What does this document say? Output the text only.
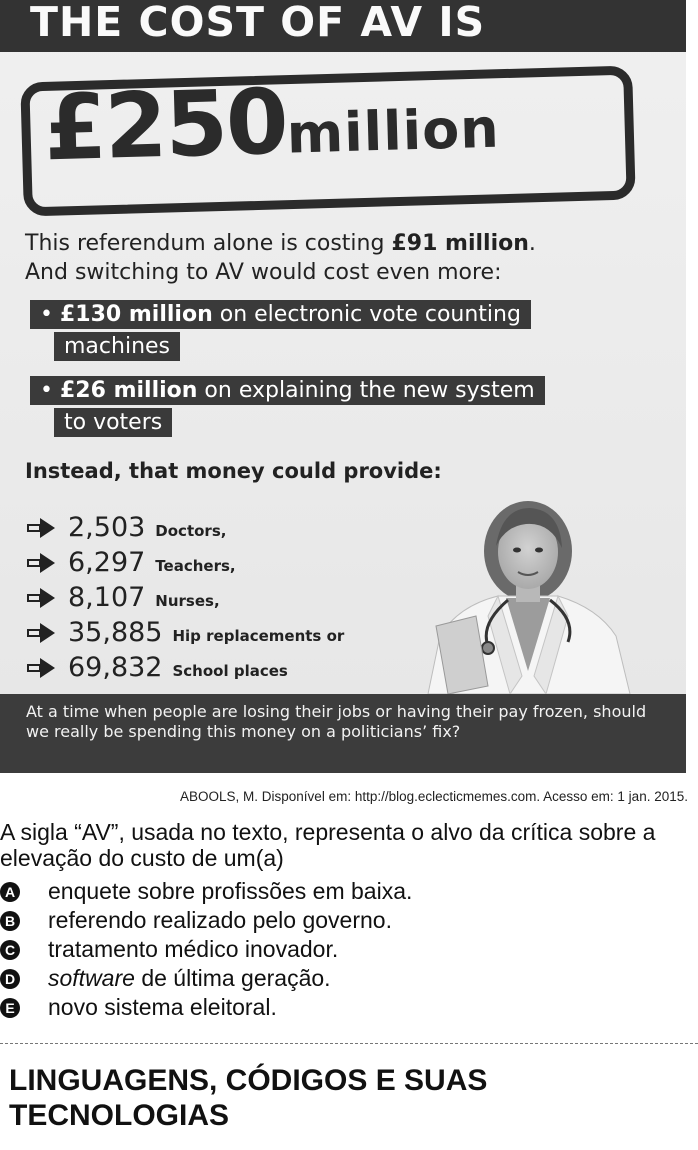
THE COST OF AV IS
£250million

This referendum alone is costing £91 million.
And switching to AV would cost even more:

• £130 million on electronic vote counting
machines
• £26 million on explaining the new system
to voters

Instead, that money could provide:

2,503 Doctors,
6,297 Teachers,
8,107 Nurses,
35,885 Hip replacements or
69,832 School places

At a time when people are losing their jobs or having their pay frozen, should we really be spending this money on a politicians’ fix?

ABOOLS, M. Disponível em: http://blog.eclecticmemes.com. Acesso em: 1 jan. 2015.

A sigla “AV”, usada no texto, representa o alvo da crítica sobre a elevação do custo de um(a)

A enquete sobre profissões em baixa.
B referendo realizado pelo governo.
C tratamento médico inovador.
D software de última geração.
E novo sistema eleitoral.
LINGUAGENS, CÓDIGOS E SUAS TECNOLOGIAS
